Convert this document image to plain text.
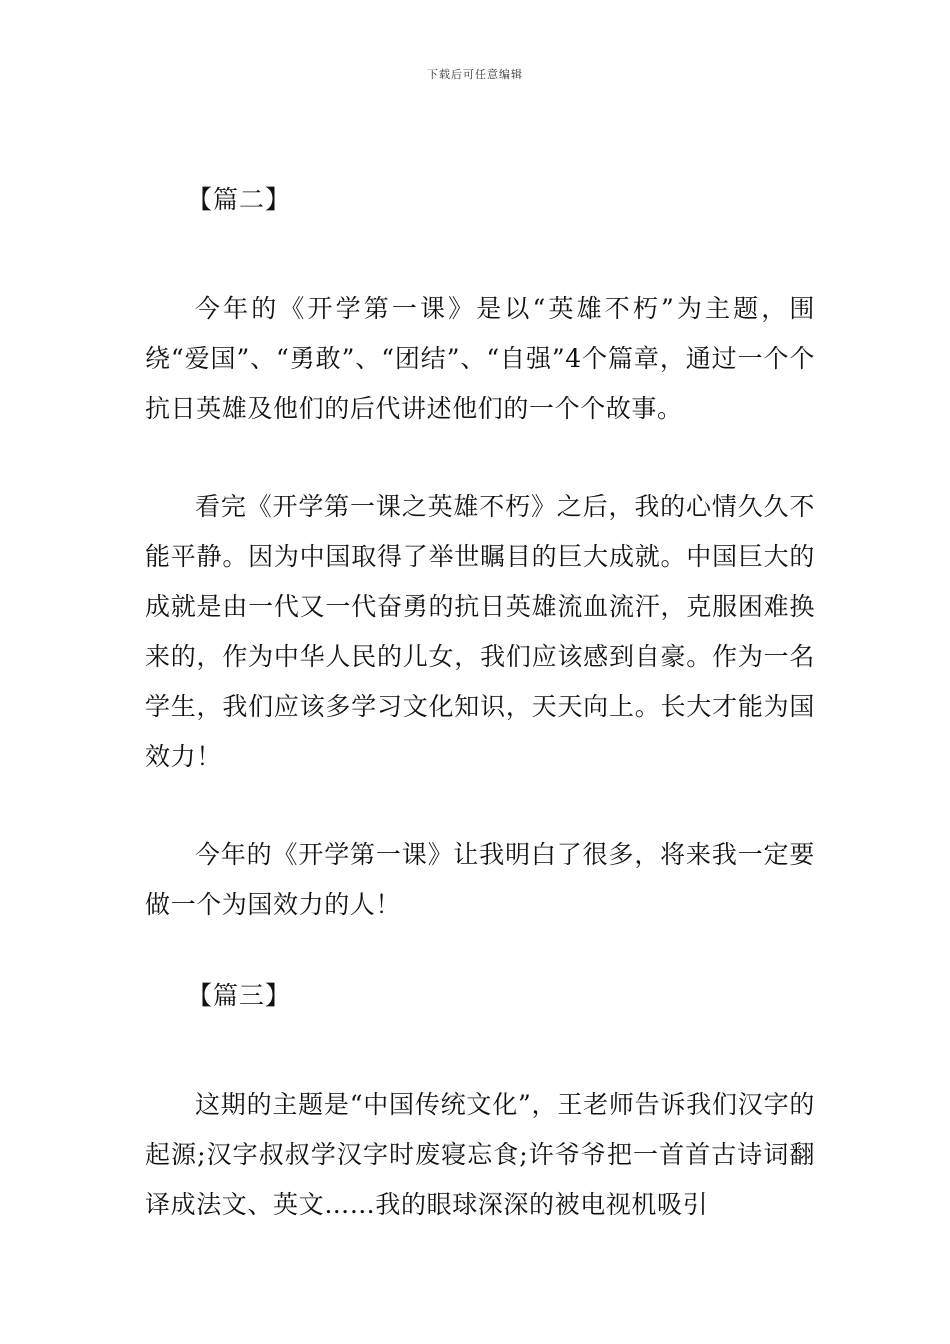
下载后可任意编辑
【篇二】

今年的《开学第一课》是以“英雄不朽”为主题，围绕“爱国”、“勇敢”、“团结”、“自强”4个篇章，通过一个个抗日英雄及他们的后代讲述他们的一个个故事。

看完《开学第一课之英雄不朽》之后，我的心情久久不能平静。因为中国取得了举世瞩目的巨大成就。中国巨大的成就是由一代又一代奋勇的抗日英雄流血流汗，克服困难换来的，作为中华人民的儿女，我们应该感到自豪。作为一名学生，我们应该多学习文化知识，天天向上。长大才能为国效力！

今年的《开学第一课》让我明白了很多，将来我一定要做一个为国效力的人！

【篇三】

这期的主题是“中国传统文化”，王老师告诉我们汉字的起源;汉字叔叔学汉字时废寝忘食;许爷爷把一首首古诗词翻译成法文、英文……我的眼球深深的被电视机吸引
